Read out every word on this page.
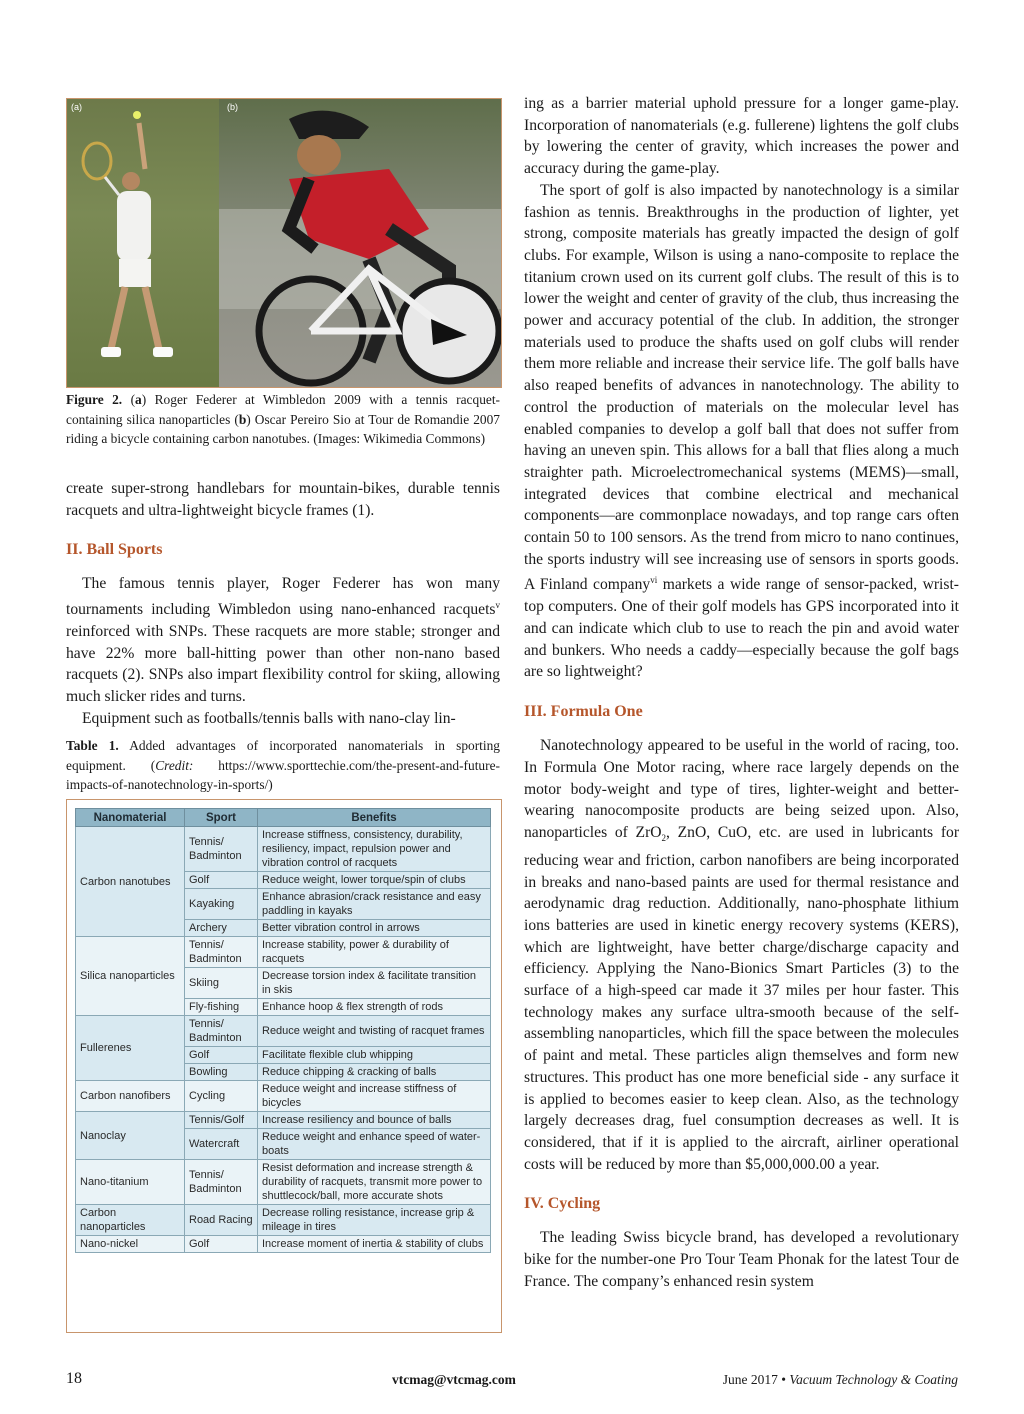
(a)	(b)
Figure 2. (a) Roger Federer at Wimbledon 2009 with a tennis racquet-containing silica nanoparticles (b) Oscar Pereiro Sio at Tour de Romandie 2007 riding a bicycle containing carbon nanotubes. (Images: Wikimedia Commons)

create super-strong handlebars for mountain-bikes, durable tennis racquets and ultra-lightweight bicycle frames (1).

II. Ball Sports

The famous tennis player, Roger Federer has won many tournaments including Wimbledon using nano-enhanced racquets$^v$ reinforced with SNPs. These racquets are more stable; stronger and have 22% more ball-hitting power than other non-nano based racquets (2). SNPs also impart flexibility control for skiing, allowing much slicker rides and turns.

Equipment such as footballs/tennis balls with nano-clay lin-

Table 1. Added advantages of incorporated nanomaterials in sporting equipment. (Credit: https://www.sporttechie.com/the-present-and-future-impacts-of-nanotechnology-in-sports/)
Nanomaterial	Sport	Benefits
Carbon nanotubes	Tennis/ Badminton	Increase stiffness, consistency, durability, resiliency, impact, repulsion power and vibration control of racquets
	Golf	Reduce weight, lower torque/spin of clubs
	Kayaking	Enhance abrasion/crack resistance and easy paddling in kayaks
	Archery	Better vibration control in arrows
Silica nanoparticles	Tennis/ Badminton	Increase stability, power & durability of racquets
	Skiing	Decrease torsion index & facilitate transition in skis
	Fly-fishing	Enhance hoop & flex strength of rods
Fullerenes	Tennis/ Badminton	Reduce weight and twisting of racquet frames
	Golf	Facilitate flexible club whipping
	Bowling	Reduce chipping & cracking of balls
Carbon nanofibers	Cycling	Reduce weight and increase stiffness of bicycles
Nanoclay	Tennis/Golf	Increase resiliency and bounce of balls
	Watercraft	Reduce weight and enhance speed of water-boats
Nano-titanium	Tennis/ Badminton	Resist deformation and increase strength & durability of racquets, transmit more power to shuttlecock/ball, more accurate shots
Carbon nanoparticles	Road Racing	Decrease rolling resistance, increase grip & mileage in tires
Nano-nickel	Golf	Increase moment of inertia & stability of clubs

ing as a barrier material uphold pressure for a longer game-play. Incorporation of nanomaterials (e.g. fullerene) lightens the golf clubs by lowering the center of gravity, which increases the power and accuracy during the game-play.

The sport of golf is also impacted by nanotechnology is a similar fashion as tennis. Breakthroughs in the production of lighter, yet strong, composite materials has greatly impacted the design of golf clubs. For example, Wilson is using a nano-composite to replace the titanium crown used on its current golf clubs. The result of this is to lower the weight and center of gravity of the club, thus increasing the power and accuracy potential of the club. In addition, the stronger materials used to produce the shafts used on golf clubs will render them more reliable and increase their service life. The golf balls have also reaped benefits of advances in nanotechnology. The ability to control the production of materials on the molecular level has enabled companies to develop a golf ball that does not suffer from having an uneven spin. This allows for a ball that flies along a much straighter path. Microelectromechanical systems (MEMS)—small, integrated devices that combine electrical and mechanical components—are commonplace nowadays, and top range cars often contain 50 to 100 sensors. As the trend from micro to nano continues, the sports industry will see increasing use of sensors in sports goods. A Finland company$^{vi}$ markets a wide range of sensor-packed, wrist-top computers. One of their golf models has GPS incorporated into it and can indicate which club to use to reach the pin and avoid water and bunkers. Who needs a caddy—especially because the golf bags are so lightweight?

III. Formula One

Nanotechnology appeared to be useful in the world of racing, too. In Formula One Motor racing, where race largely depends on the motor body-weight and type of tires, lighter-weight and better-wearing nanocomposite products are being seized upon. Also, nanoparticles of ZrO$_2$, ZnO, CuO, etc. are used in lubricants for reducing wear and friction, carbon nanofibers are being incorporated in breaks and nano-based paints are used for thermal resistance and aerodynamic drag reduction. Additionally, nano-phosphate lithium ions batteries are used in kinetic energy recovery systems (KERS), which are lightweight, have better charge/discharge capacity and efficiency. Applying the Nano-Bionics Smart Particles (3) to the surface of a high-speed car made it 37 miles per hour faster. This technology makes any surface ultra-smooth because of the self-assembling nanoparticles, which fill the space between the molecules of paint and metal. These particles align themselves and form new structures. This product has one more beneficial side - any surface it is applied to becomes easier to keep clean. Also, as the technology largely decreases drag, fuel consumption decreases as well. It is considered, that if it is applied to the aircraft, airliner operational costs will be reduced by more than $5,000,000.00 a year.

IV. Cycling

The leading Swiss bicycle brand, has developed a revolutionary bike for the number-one Pro Tour Team Phonak for the latest Tour de France. The company’s enhanced resin system

18	vtcmag@vtcmag.com	June 2017 • Vacuum Technology & Coating
